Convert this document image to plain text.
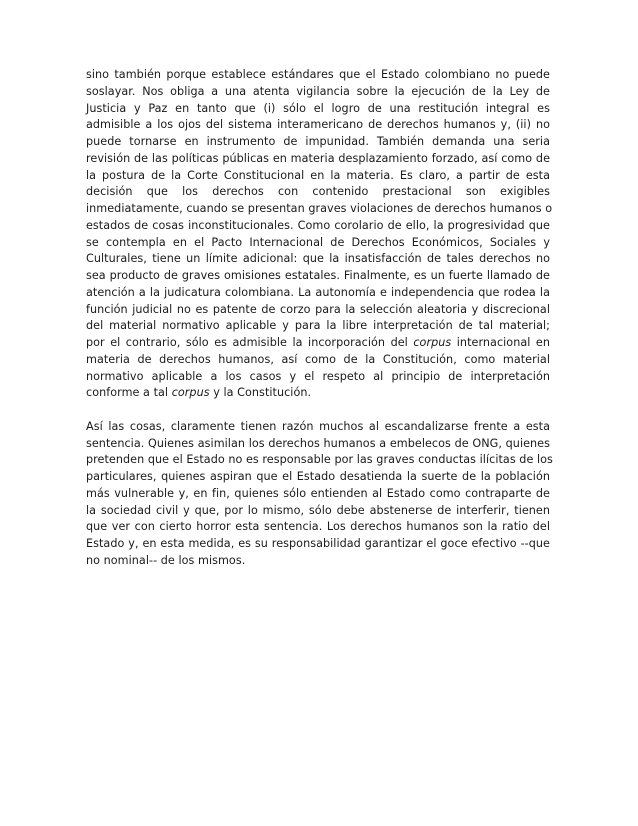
sino también porque establece estándares que el Estado colombiano no puede
soslayar. Nos obliga a una atenta vigilancia sobre la ejecución de la Ley de
Justicia y Paz en tanto que (i) sólo el logro de una restitución integral es
admisible a los ojos del sistema interamericano de derechos humanos y, (ii) no
puede tornarse en instrumento de impunidad. También demanda una seria
revisión de las políticas públicas en materia desplazamiento forzado, así como de
la postura de la Corte Constitucional en la materia. Es claro, a partir de esta
decisión que los derechos con contenido prestacional son exigibles
inmediatamente, cuando se presentan graves violaciones de derechos humanos o
estados de cosas inconstitucionales. Como corolario de ello, la progresividad que
se contempla en el Pacto Internacional de Derechos Económicos, Sociales y
Culturales, tiene un límite adicional: que la insatisfacción de tales derechos no
sea producto de graves omisiones estatales. Finalmente, es un fuerte llamado de
atención a la judicatura colombiana. La autonomía e independencia que rodea la
función judicial no es patente de corzo para la selección aleatoria y discrecional
del material normativo aplicable y para la libre interpretación de tal material;
por el contrario, sólo es admisible la incorporación del corpus internacional en
materia de derechos humanos, así como de la Constitución, como material
normativo aplicable a los casos y el respeto al principio de interpretación
conforme a tal corpus y la Constitución.
Así las cosas, claramente tienen razón muchos al escandalizarse frente a esta
sentencia. Quienes asimilan los derechos humanos a embelecos de ONG, quienes
pretenden que el Estado no es responsable por las graves conductas ilícitas de los
particulares, quienes aspiran que el Estado desatienda la suerte de la población
más vulnerable y, en fin, quienes sólo entienden al Estado como contraparte de
la sociedad civil y que, por lo mismo, sólo debe abstenerse de interferir, tienen
que ver con cierto horror esta sentencia. Los derechos humanos son la ratio del
Estado y, en esta medida, es su responsabilidad garantizar el goce efectivo --que
no nominal-- de los mismos.
